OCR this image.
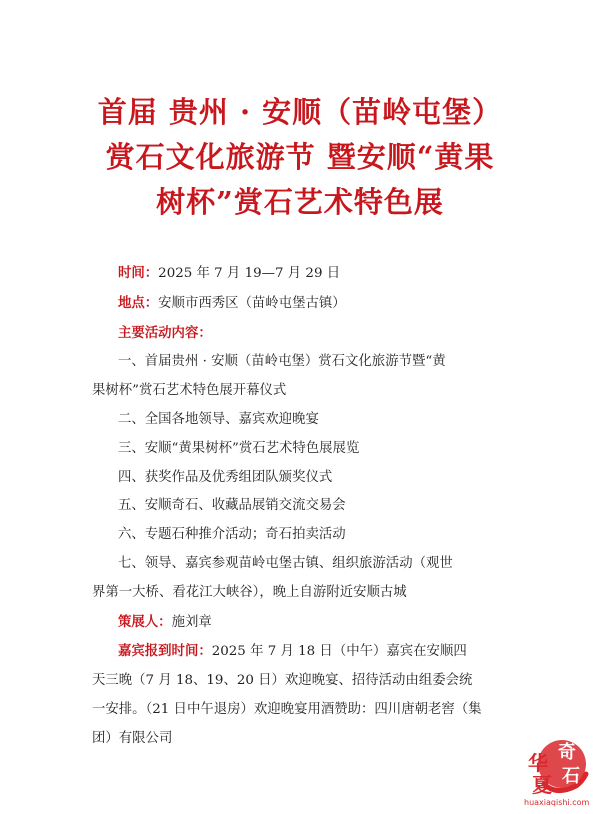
首届 贵州 · 安顺（苗岭屯堡）
赏石文化旅游节 暨安顺“黄果
树杯”赏石艺术特色展

时间：2025 年 7 月 19—7 月 29 日

地点：安顺市西秀区（苗岭屯堡古镇）

主要活动内容：

一、首届贵州 · 安顺（苗岭屯堡）赏石文化旅游节暨“黄

果树杯”赏石艺术特色展开幕仪式

二、全国各地领导、嘉宾欢迎晚宴

三、安顺“黄果树杯”赏石艺术特色展展览

四、获奖作品及优秀组团队颁奖仪式

五、安顺奇石、收藏品展销交流交易会

六、专题石种推介活动；奇石拍卖活动

七、领导、嘉宾参观苗岭屯堡古镇、组织旅游活动（观世

界第一大桥、看花江大峡谷），晚上自游附近安顺古城

策展人：施刘章

嘉宾报到时间：2025 年 7 月 18 日（中午）嘉宾在安顺四

天三晚（7 月 18、19、20 日）欢迎晚宴、招待活动由组委会统

一安排。（21 日中午退房）欢迎晚宴用酒赞助：四川唐朝老窖（集

团）有限公司

华 奇
夏 石
huaxiaqishi.com
